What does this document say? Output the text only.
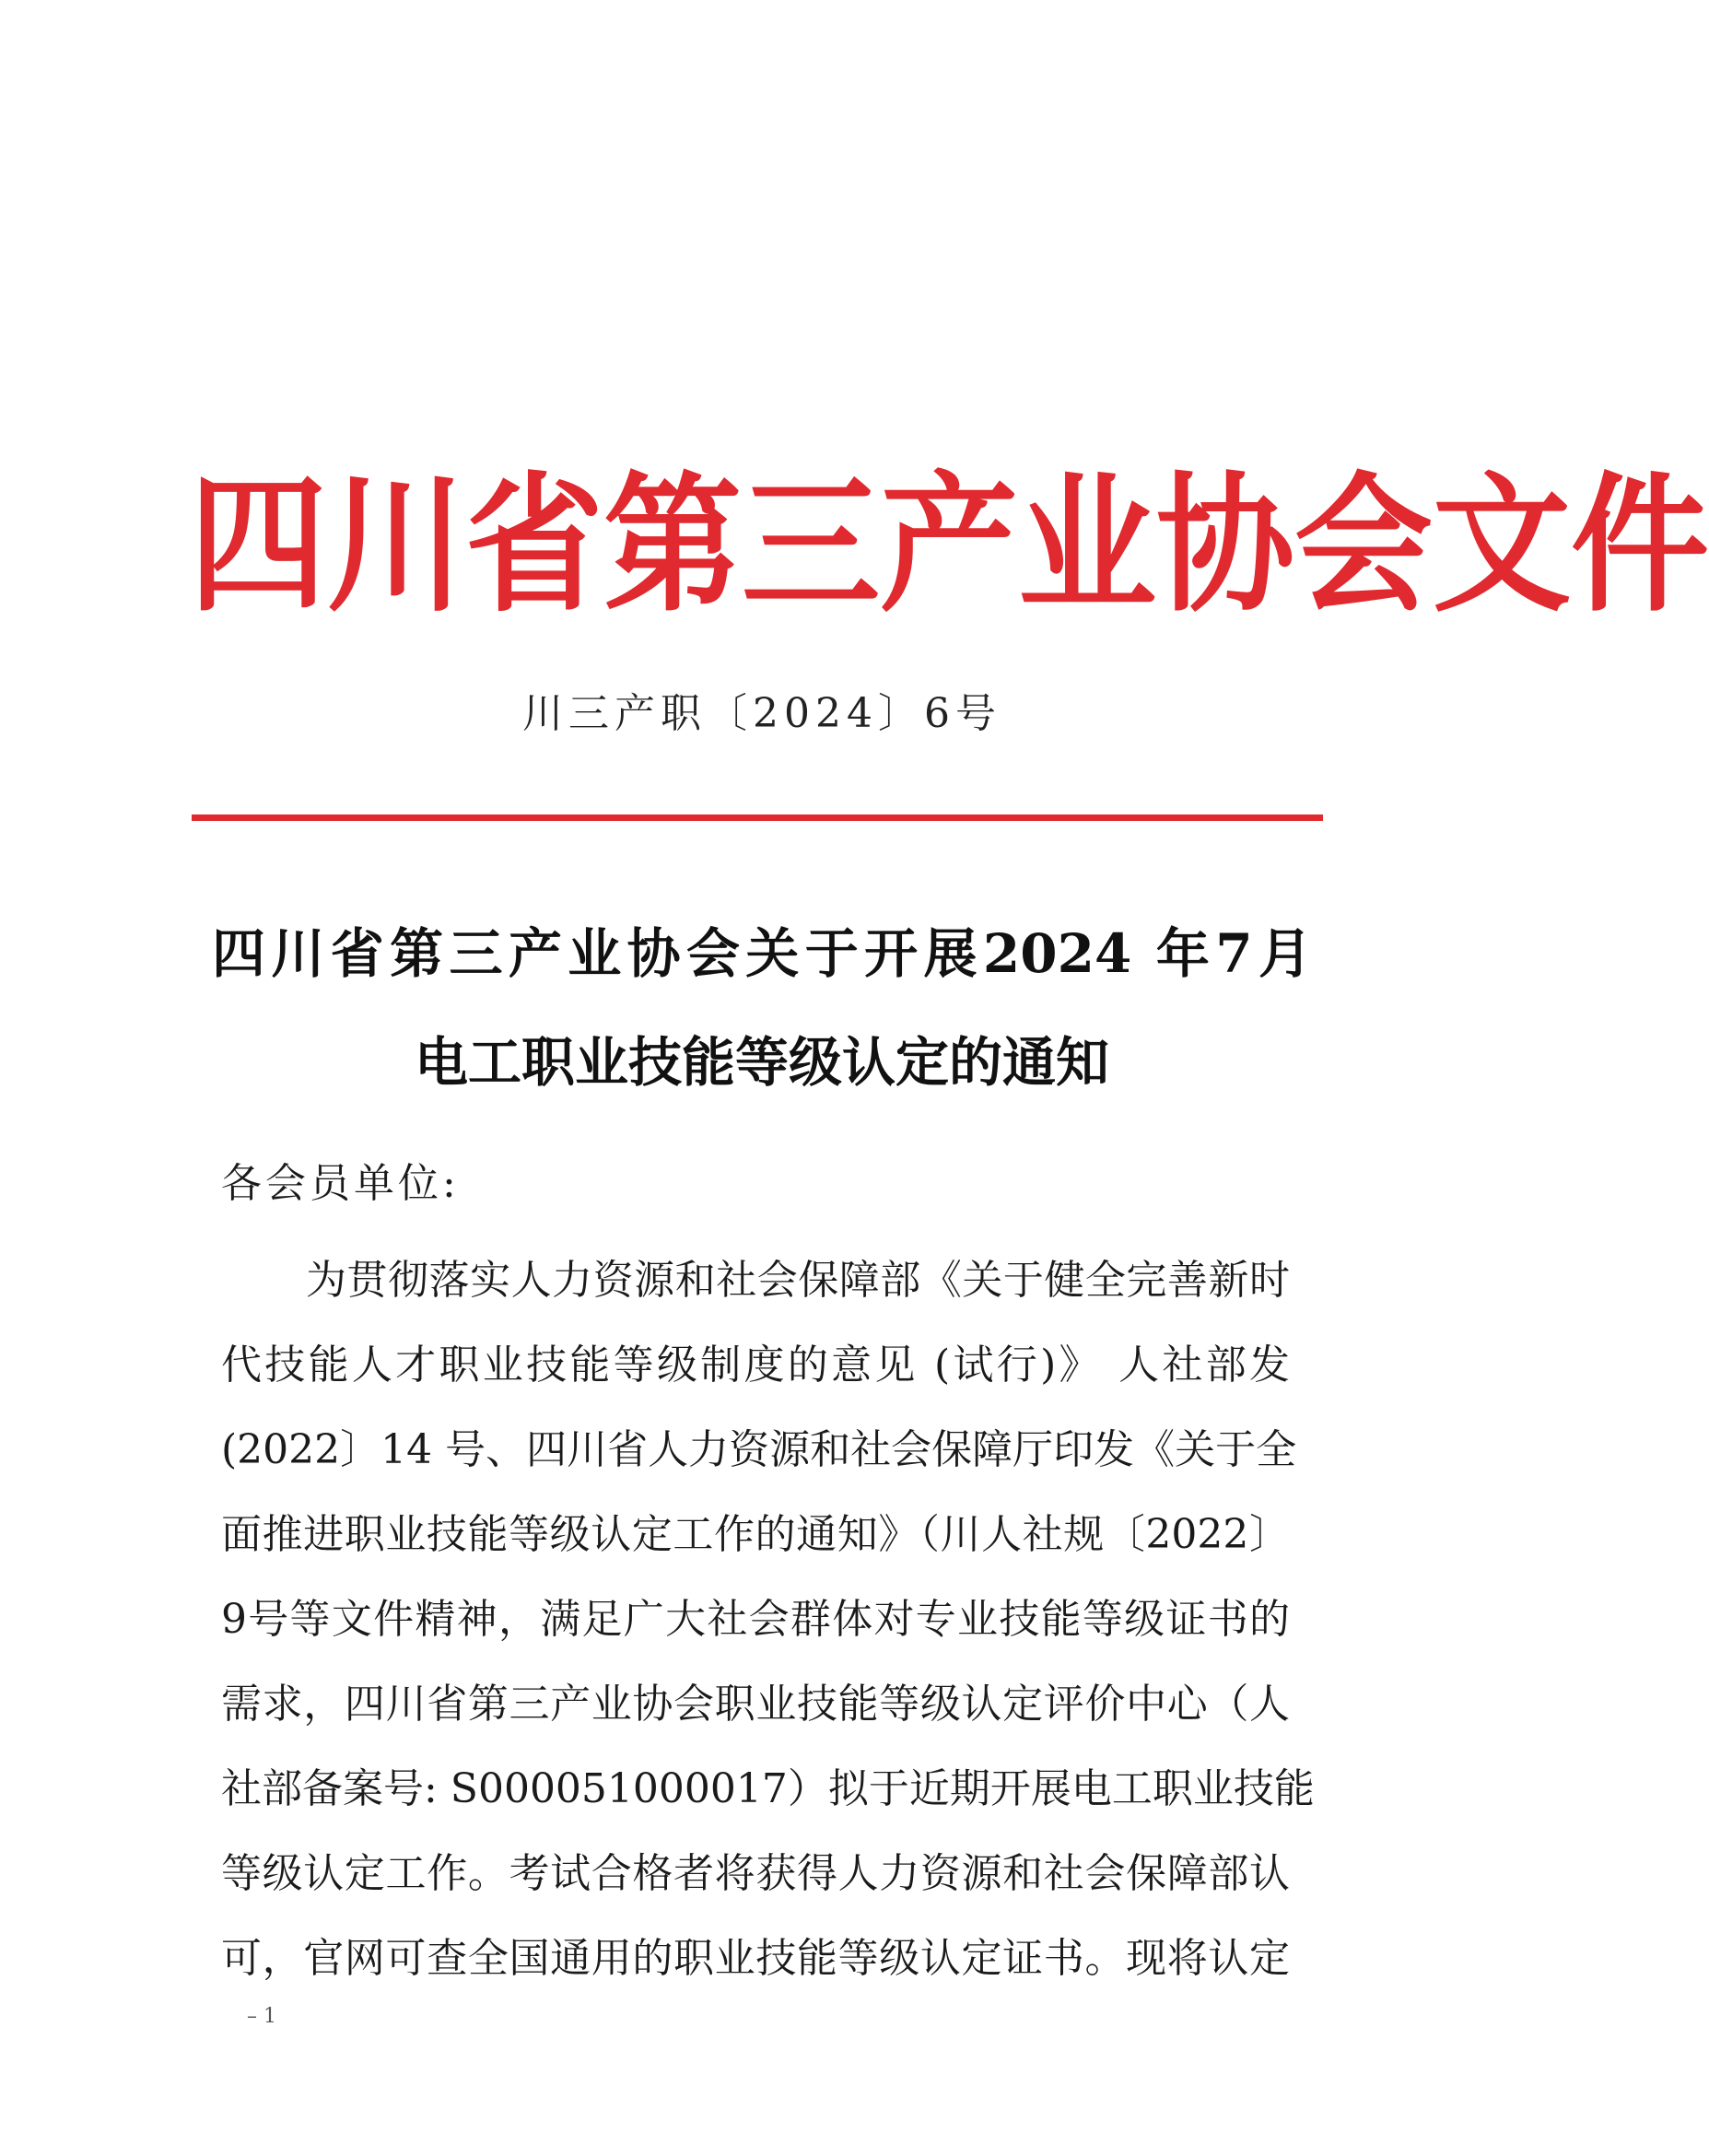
四川省第三产业协会文件
川三产职〔2024〕6号
四川省第三产业协会关于开展2024 年7月
电工职业技能等级认定的通知
各会员单位:
为贯彻落实人力资源和社会保障部《关于健全完善新时
代技能人才职业技能等级制度的意见 (试行)》 人社部发
(2022〕14 号、四川省人力资源和社会保障厅印发《关于全
面推进职业技能等级认定工作的通知》（川人社规〔2022〕
9号等文件精神，满足广大社会群体对专业技能等级证书的
需求，四川省第三产业协会职业技能等级认定评价中心（人
社部备案号: S000051000017）拟于近期开展电工职业技能
等级认定工作。考试合格者将获得人力资源和社会保障部认
可，官网可查全国通用的职业技能等级认定证书。现将认定
– 1
